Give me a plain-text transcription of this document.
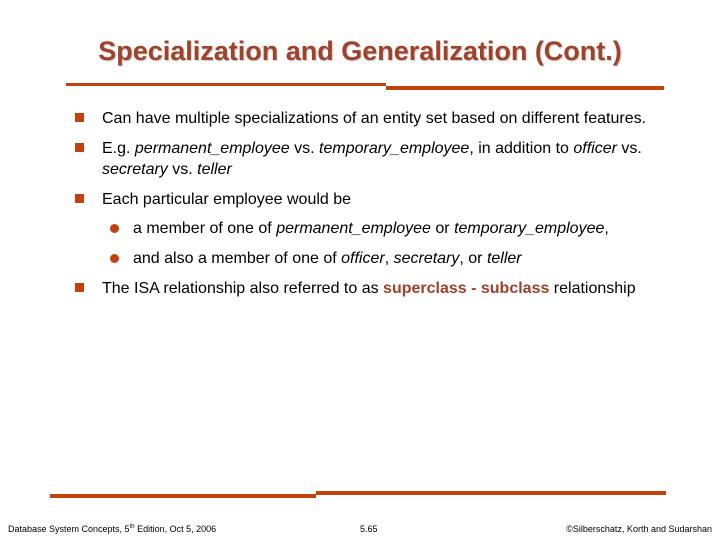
Specialization and Generalization (Cont.)
Can have multiple specializations of an entity set based on different features.
E.g. permanent_employee vs. temporary_employee, in addition to officer vs. secretary vs. teller
Each particular employee would be
a member of one of permanent_employee or temporary_employee,
and also a member of one of officer, secretary, or teller
The ISA relationship also referred to as superclass - subclass relationship
Database System Concepts, 5th Edition, Oct 5, 2006	5.65	©Silberschatz, Korth and Sudarshan
